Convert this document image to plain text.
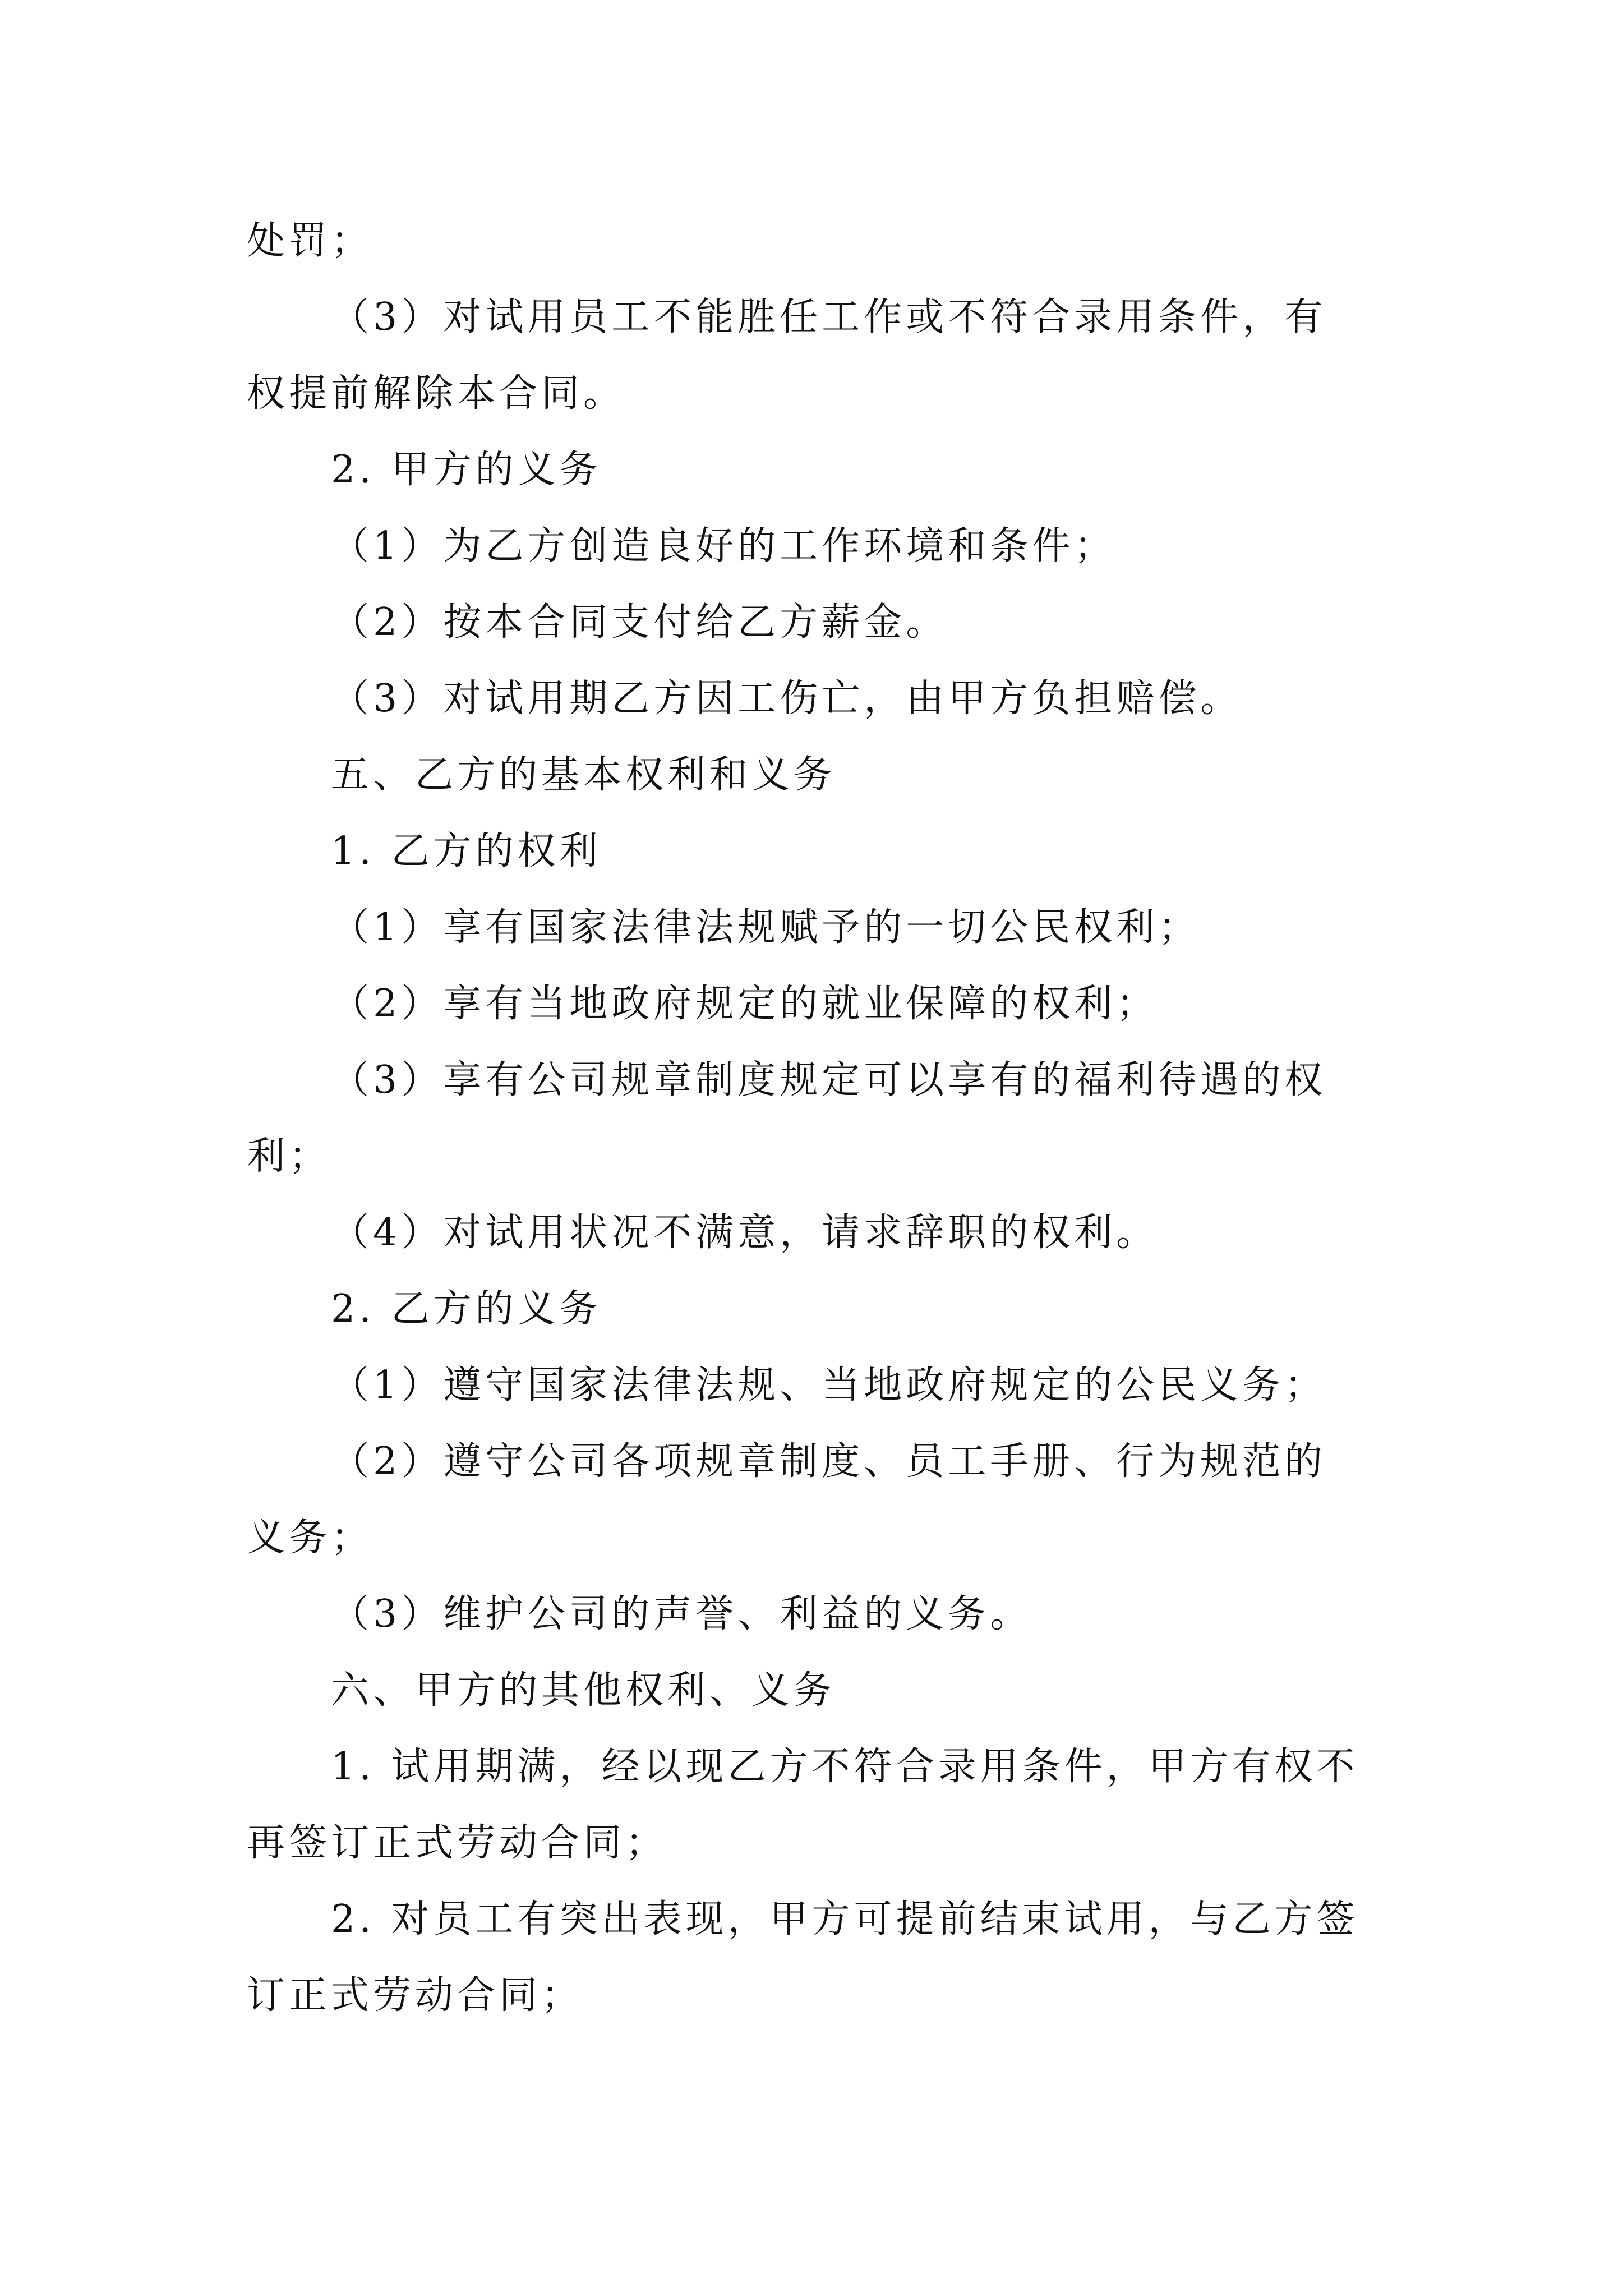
处罚；
（3）对试用员工不能胜任工作或不符合录用条件，有
权提前解除本合同。
2. 甲方的义务
（1）为乙方创造良好的工作环境和条件；
（2）按本合同支付给乙方薪金。
（3）对试用期乙方因工伤亡，由甲方负担赔偿。
五、乙方的基本权利和义务
1. 乙方的权利
（1）享有国家法律法规赋予的一切公民权利；
（2）享有当地政府规定的就业保障的权利；
（3）享有公司规章制度规定可以享有的福利待遇的权
利；
（4）对试用状况不满意，请求辞职的权利。
2. 乙方的义务
（1）遵守国家法律法规、当地政府规定的公民义务；
（2）遵守公司各项规章制度、员工手册、行为规范的
义务；
（3）维护公司的声誉、利益的义务。
六、甲方的其他权利、义务
1. 试用期满，经以现乙方不符合录用条件，甲方有权不
再签订正式劳动合同；
2. 对员工有突出表现，甲方可提前结束试用，与乙方签
订正式劳动合同；
